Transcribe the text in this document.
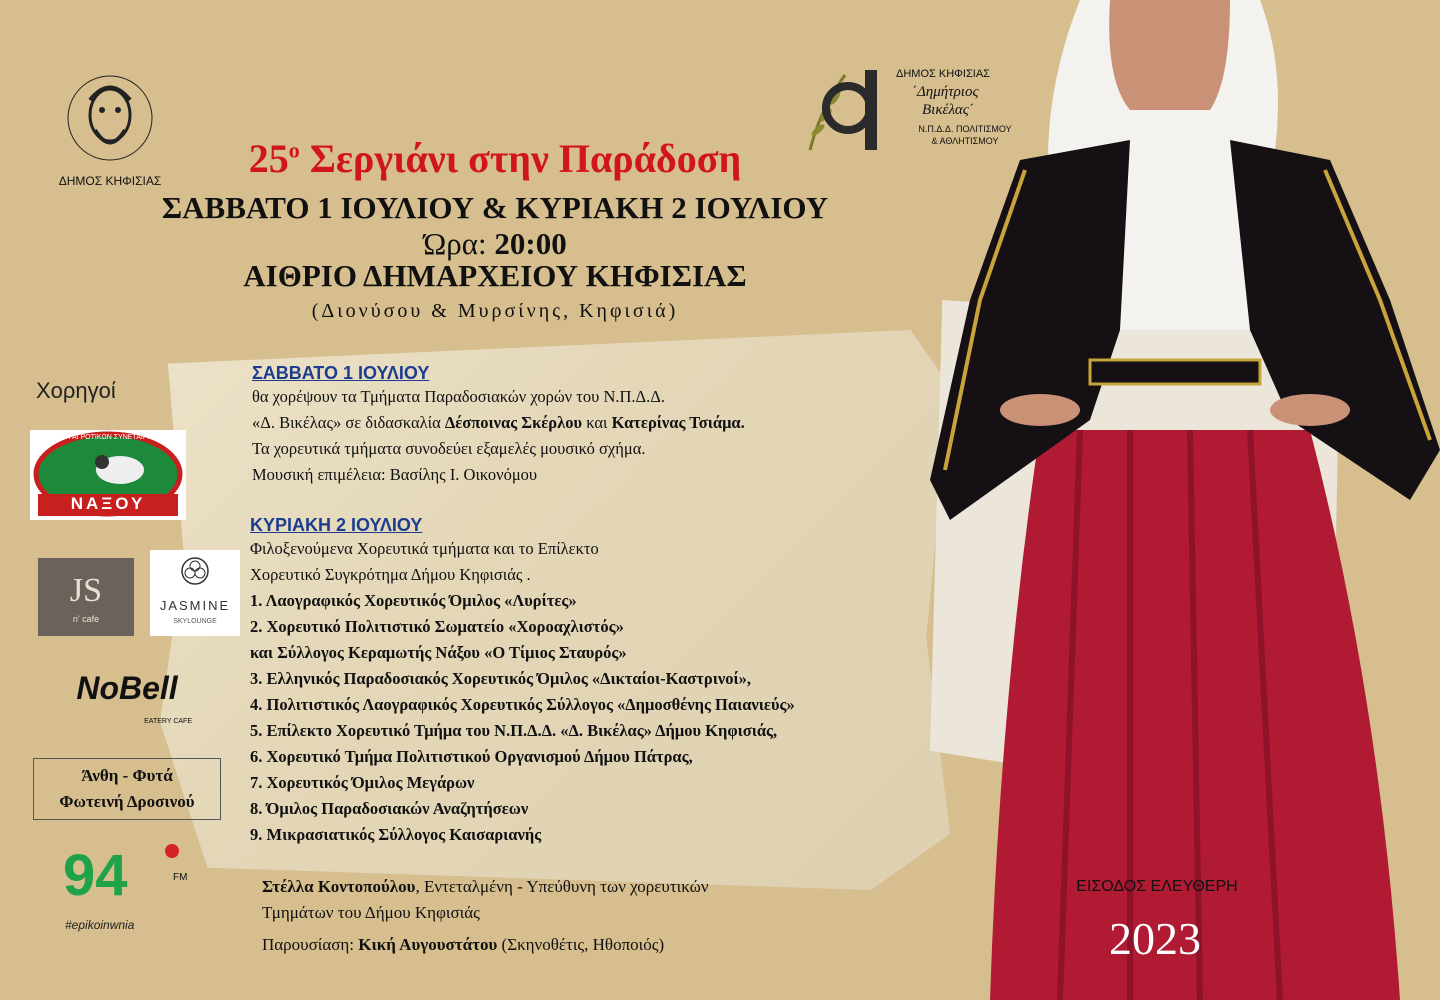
ΔΗΜΟΣ ΚΗΦΙΣΙΑΣ
ΔΗΜΟΣ ΚΗΦΙΣΙΑΣ
΄Δημήτριος
Βικέλας΄
Ν.Π.Δ.Δ. ΠΟΛΙΤΙΣΜΟΥ
& ΑΘΛΗΤΙΣΜΟΥ
$25^o$ Σεργιάνι στην Παράδοση
ΣΑΒΒΑΤΟ 1 ΙΟΥΛΙΟΥ & ΚΥΡΙΑΚΗ 2 ΙΟΥΛΙΟΥ
Ώρα: 20:00
ΑΙΘΡΙΟ ΔΗΜΑΡΧΕΙΟΥ ΚΗΦΙΣΙΑΣ
(Διονύσου & Μυρσίνης, Κηφισιά)
ΣΑΒΒΑΤΟ 1 ΙΟΥΛΙΟΥ
θα χορέψουν τα Τμήματα Παραδοσιακών χορών του Ν.Π.Δ.Δ.
«Δ. Βικέλας» σε διδασκαλία Δέσποινας Σκέρλου και Κατερίνας Τσιάμα.
Τα χορευτικά τμήματα συνοδεύει εξαμελές μουσικό σχήμα.
Μουσική επιμέλεια: Βασίλης Ι. Οικονόμου
ΚΥΡΙΑΚΗ 2 ΙΟΥΛΙΟΥ
Φιλοξενούμενα Χορευτικά τμήματα και το Επίλεκτο
Χορευτικό Συγκρότημα Δήμου Κηφισιάς .
1. Λαογραφικός Χορευτικός Όμιλος «Λυρίτες»
2. Χορευτικό Πολιτιστικό Σωματείο «Χοροαχλιστός»
και Σύλλογος Κεραμωτής Νάξου «Ο Τίμιος Σταυρός»
3. Ελληνικός Παραδοσιακός Χορευτικός Όμιλος «Δικταίοι-Καστρινοί»,
4. Πολιτιστικός Λαογραφικός Χορευτικός Σύλλογος «Δημοσθένης Παιανιεύς»
5. Επίλεκτο Χορευτικό Τμήμα του Ν.Π.Δ.Δ. «Δ. Βικέλας» Δήμου Κηφισιάς,
6. Χορευτικό Τμήμα Πολιτιστικού Οργανισμού Δήμου Πάτρας,
7. Χορευτικός Όμιλος Μεγάρων
8. Όμιλος Παραδοσιακών Αναζητήσεων
9. Μικρασιατικός Σύλλογος Καισαριανής
Στέλλα Κοντοπούλου, Εντεταλμένη - Υπεύθυνη των χορευτικών
Τμημάτων του Δήμου Κηφισιάς
Παρουσίαση: Κική Αυγουστάτου (Σκηνοθέτις, Ηθοποιός)
Χορηγοί
ΝΑΞΟΥ
ΕΝΩΣΗ ΑΓΡΟΤΙΚΩΝ ΣΥΝΕΤΑΙΡΙΣΜΩΝ
JS
n' cafe
JASMINE
SKYLOUNGE
NoBell
EATERY CAFE
Άνθη - Φυτά
Φωτεινή Δροσινού
94	FM
#epikoinwnia
ΕΙΣΟΔΟΣ ΕΛΕΥΘΕΡΗ
2023
